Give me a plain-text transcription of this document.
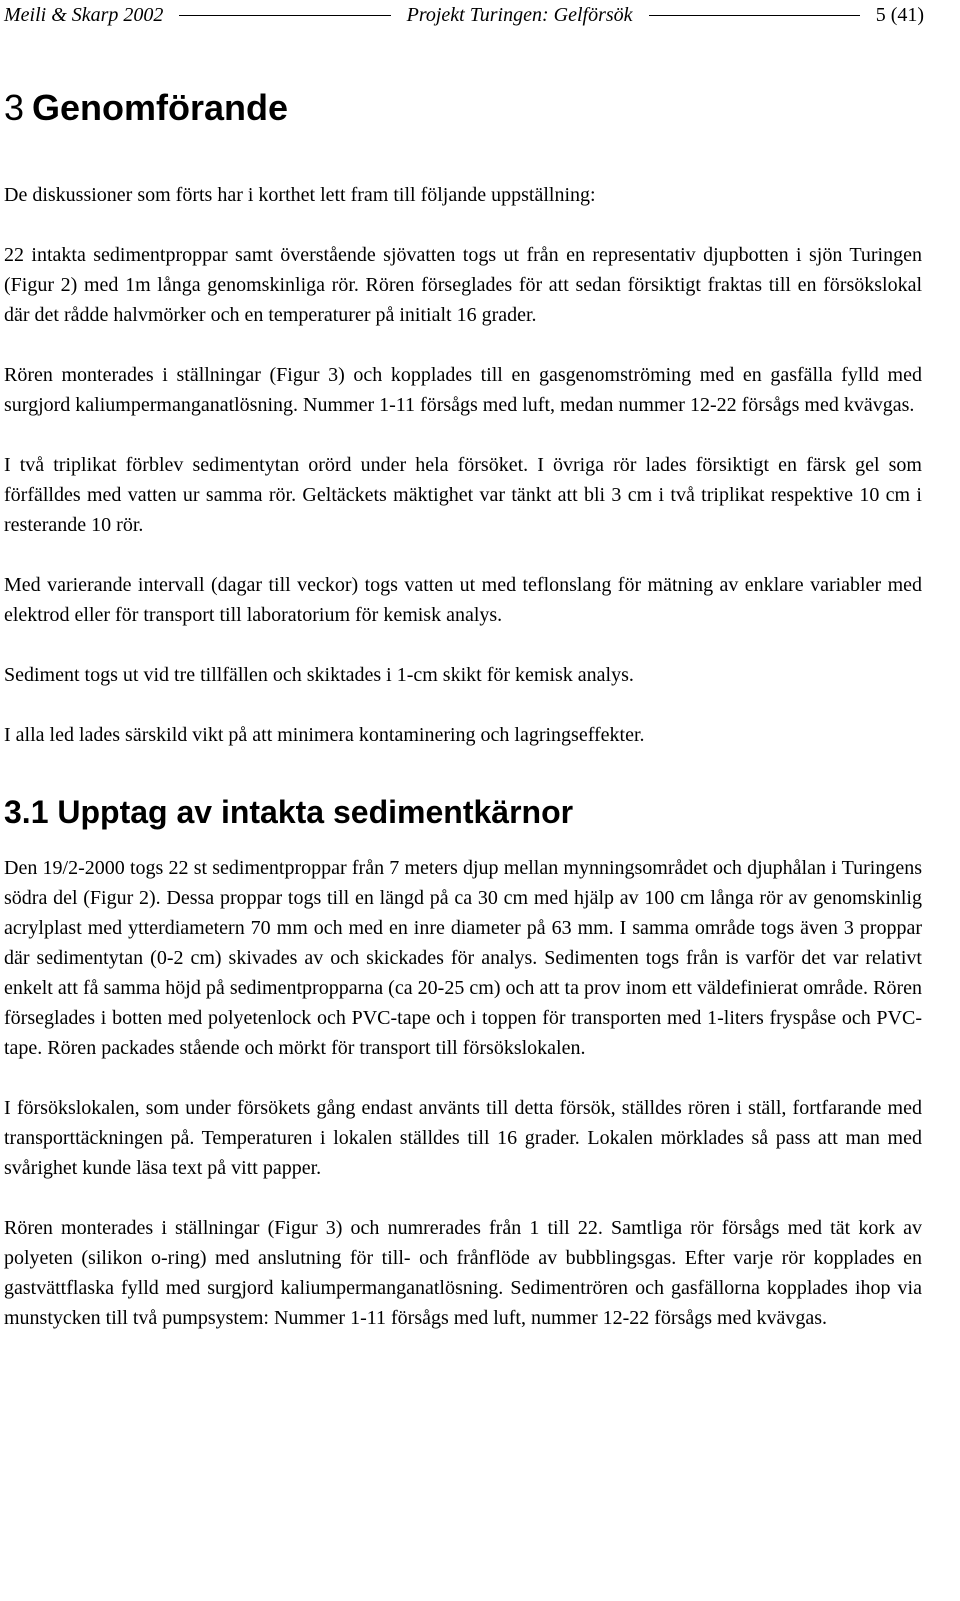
Meili & Skarp 2002	Projekt Turingen: Gelförsök	5 (41)
3 Genomförande

De diskussioner som förts har i korthet lett fram till följande uppställning:

22 intakta sedimentproppar samt överstående sjövatten togs ut från en representativ djupbotten i sjön Turingen (Figur 2) med 1m långa genomskinliga rör. Rören förseglades för att sedan försiktigt fraktas till en försökslokal där det rådde halvmörker och en temperaturer på initialt 16 grader.

Rören monterades i ställningar (Figur 3) och kopplades till en gasgenomströming med en gasfälla fylld med surgjord kaliumpermanganatlösning. Nummer 1-11 försågs med luft, medan nummer 12-22 försågs med kvävgas.

I två triplikat förblev sedimentytan orörd under hela försöket. I övriga rör lades försiktigt en färsk gel som förfälldes med vatten ur samma rör. Geltäckets mäktighet var tänkt att bli 3 cm i två triplikat respektive 10 cm i resterande 10 rör.

Med varierande intervall (dagar till veckor) togs vatten ut med teflonslang för mätning av enklare variabler med elektrod eller för transport till laboratorium för kemisk analys.

Sediment togs ut vid tre tillfällen och skiktades i 1-cm skikt för kemisk analys.

I alla led lades särskild vikt på att minimera kontaminering och lagringseffekter.

3.1 Upptag av intakta sedimentkärnor

Den 19/2-2000 togs 22 st sedimentproppar från 7 meters djup mellan mynningsområdet och djuphålan i Turingens södra del (Figur 2). Dessa proppar togs till en längd på ca 30 cm med hjälp av 100 cm långa rör av genomskinlig acrylplast med ytterdiametern 70 mm och med en inre diameter på 63 mm. I samma område togs även 3 proppar där sedimentytan (0-2 cm) skivades av och skickades för analys. Sedimenten togs från is varför det var relativt enkelt att få samma höjd på sedimentpropparna (ca 20-25 cm) och att ta prov inom ett väldefinierat område. Rören förseglades i botten med polyetenlock och PVC-tape och i toppen för transporten med 1-liters fryspåse och PVC-tape. Rören packades stående och mörkt för transport till försökslokalen.

I försökslokalen, som under försökets gång endast använts till detta försök, ställdes rören i ställ, fortfarande med transporttäckningen på. Temperaturen i lokalen ställdes till 16 grader. Lokalen mörklades så pass att man med svårighet kunde läsa text på vitt papper.

Rören monterades i ställningar (Figur 3) och numrerades från 1 till 22. Samtliga rör försågs med tät kork av polyeten (silikon o-ring) med anslutning för till- och frånflöde av bubblingsgas. Efter varje rör kopplades en gastvättflaska fylld med surgjord kaliumpermanganatlösning. Sedimentrören och gasfällorna kopplades ihop via munstycken till två pumpsystem: Nummer 1-11 försågs med luft, nummer 12-22 försågs med kvävgas.
